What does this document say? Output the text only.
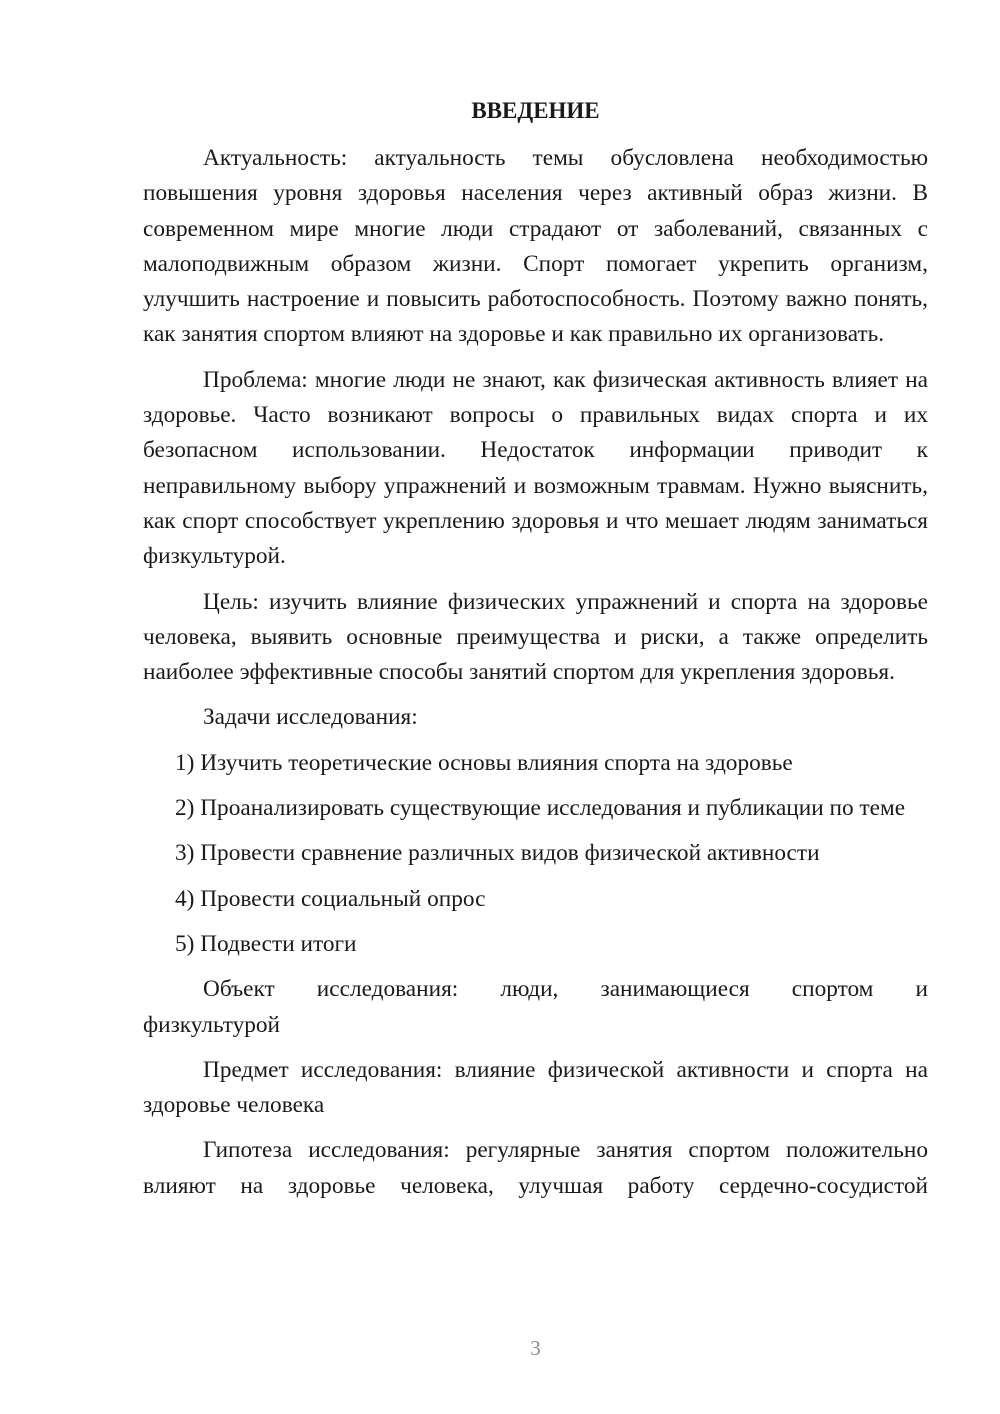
ВВЕДЕНИЕ

Актуальность: актуальность темы обусловлена необходимостью повышения уровня здоровья населения через активный образ жизни. В современном мире многие люди страдают от заболеваний, связанных с малоподвижным образом жизни. Спорт помогает укрепить организм, улучшить настроение и повысить работоспособность. Поэтому важно понять, как занятия спортом влияют на здоровье и как правильно их организовать.

Проблема: многие люди не знают, как физическая активность влияет на здоровье. Часто возникают вопросы о правильных видах спорта и их безопасном использовании. Недостаток информации приводит к неправильному выбору упражнений и возможным травмам. Нужно выяснить, как спорт способствует укреплению здоровья и что мешает людям заниматься физкультурой.

Цель: изучить влияние физических упражнений и спорта на здоровье человека, выявить основные преимущества и риски, а также определить наиболее эффективные способы занятий спортом для укрепления здоровья.

Задачи исследования:

1) Изучить теоретические основы влияния спорта на здоровье

2) Проанализировать существующие исследования и публикации по теме

3) Провести сравнение различных видов физической активности

4) Провести социальный опрос

5) Подвести итоги

Объект исследования: люди, занимающиеся спортом и
физкультурой

Предмет исследования: влияние физической активности и спорта на здоровье человека

Гипотеза исследования: регулярные занятия спортом положительно влияют на здоровье человека, улучшая работу сердечно-сосудистой

3
